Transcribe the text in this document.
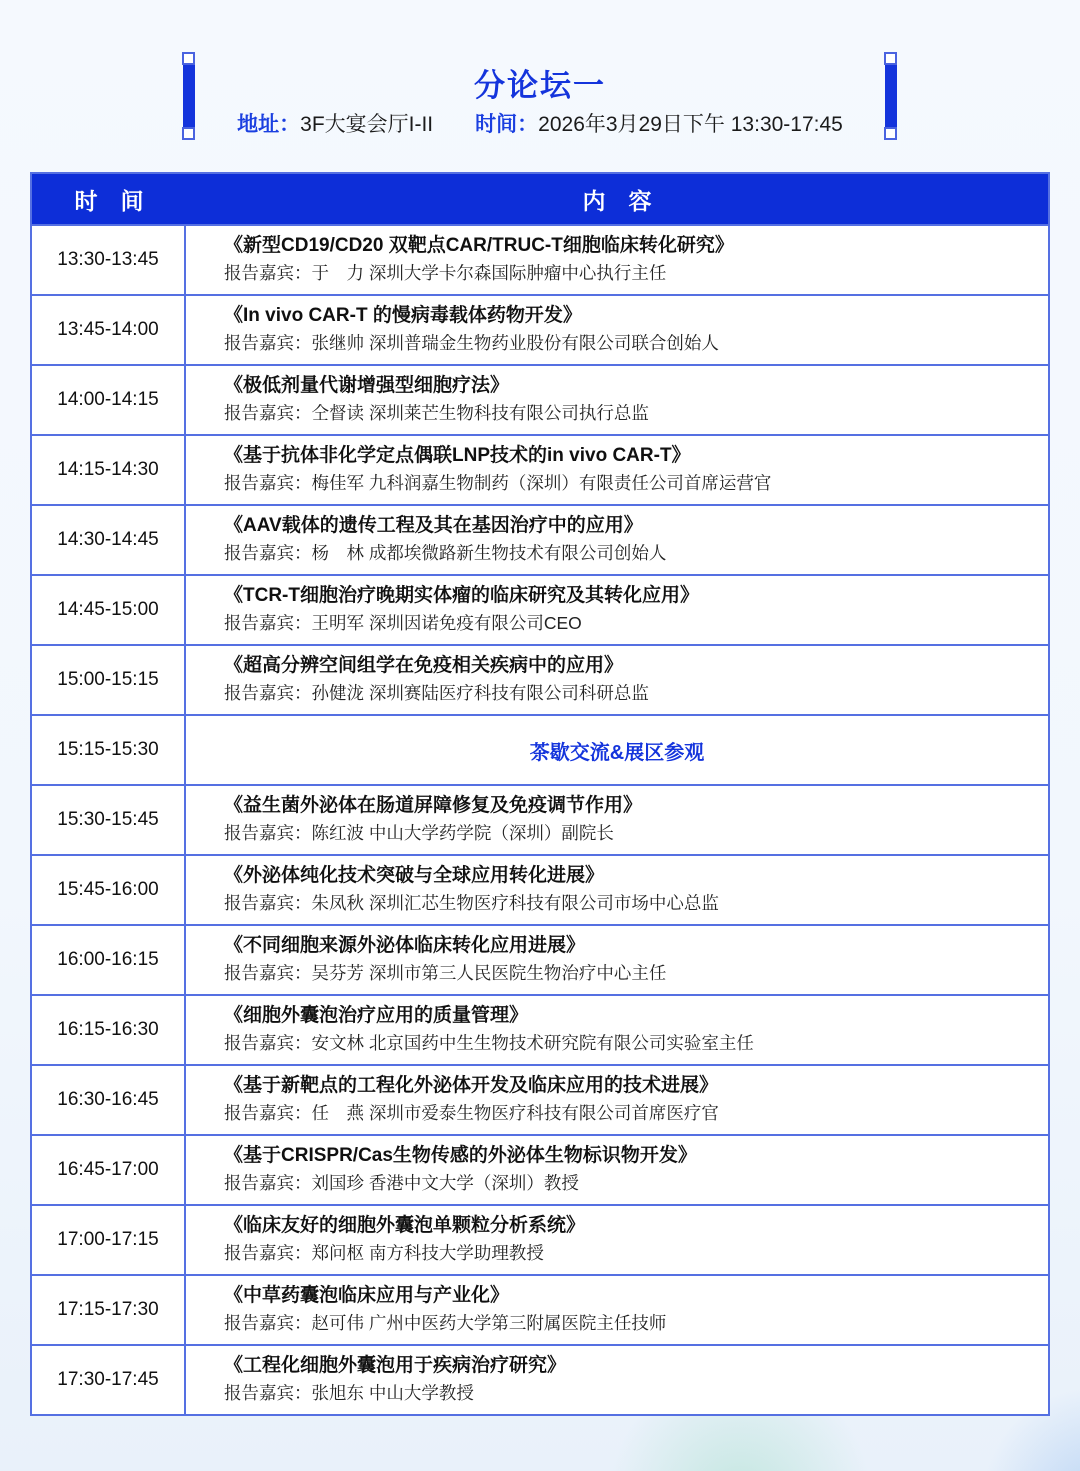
分论坛一
地址：3F大宴会厅I-II 时间：2026年3月29日下午 13:30-17:45
时　间	内　容
13:30-13:45
《新型CD19/CD20 双靶点CAR/TRUC-T细胞临床转化研究》
报告嘉宾：于　力 深圳大学卡尔森国际肿瘤中心执行主任
13:45-14:00
《In vivo CAR-T 的慢病毒载体药物开发》
报告嘉宾：张继帅 深圳普瑞金生物药业股份有限公司联合创始人
14:00-14:15
《极低剂量代谢增强型细胞疗法》
报告嘉宾：仝督读 深圳莱芒生物科技有限公司执行总监
14:15-14:30
《基于抗体非化学定点偶联LNP技术的in vivo CAR-T》
报告嘉宾：梅佳军 九科润嘉生物制药（深圳）有限责任公司首席运营官
14:30-14:45
《AAV载体的遗传工程及其在基因治疗中的应用》
报告嘉宾：杨　林 成都埃微路新生物技术有限公司创始人
14:45-15:00
《TCR-T细胞治疗晚期实体瘤的临床研究及其转化应用》
报告嘉宾：王明军 深圳因诺免疫有限公司CEO
15:00-15:15
《超高分辨空间组学在免疫相关疾病中的应用》
报告嘉宾：孙健泷 深圳赛陆医疗科技有限公司科研总监
15:15-15:30	茶歇交流&展区参观
15:30-15:45
《益生菌外泌体在肠道屏障修复及免疫调节作用》
报告嘉宾：陈红波 中山大学药学院（深圳）副院长
15:45-16:00
《外泌体纯化技术突破与全球应用转化进展》
报告嘉宾：朱凤秋 深圳汇芯生物医疗科技有限公司市场中心总监
16:00-16:15
《不同细胞来源外泌体临床转化应用进展》
报告嘉宾：吴芬芳 深圳市第三人民医院生物治疗中心主任
16:15-16:30
《细胞外囊泡治疗应用的质量管理》
报告嘉宾：安文林 北京国药中生生物技术研究院有限公司实验室主任
16:30-16:45
《基于新靶点的工程化外泌体开发及临床应用的技术进展》
报告嘉宾：任　燕 深圳市爱泰生物医疗科技有限公司首席医疗官
16:45-17:00
《基于CRISPR/Cas生物传感的外泌体生物标识物开发》
报告嘉宾：刘国珍 香港中文大学（深圳）教授
17:00-17:15
《临床友好的细胞外囊泡单颗粒分析系统》
报告嘉宾：郑问枢 南方科技大学助理教授
17:15-17:30
《中草药囊泡临床应用与产业化》
报告嘉宾：赵可伟 广州中医药大学第三附属医院主任技师
17:30-17:45
《工程化细胞外囊泡用于疾病治疗研究》
报告嘉宾：张旭东 中山大学教授
